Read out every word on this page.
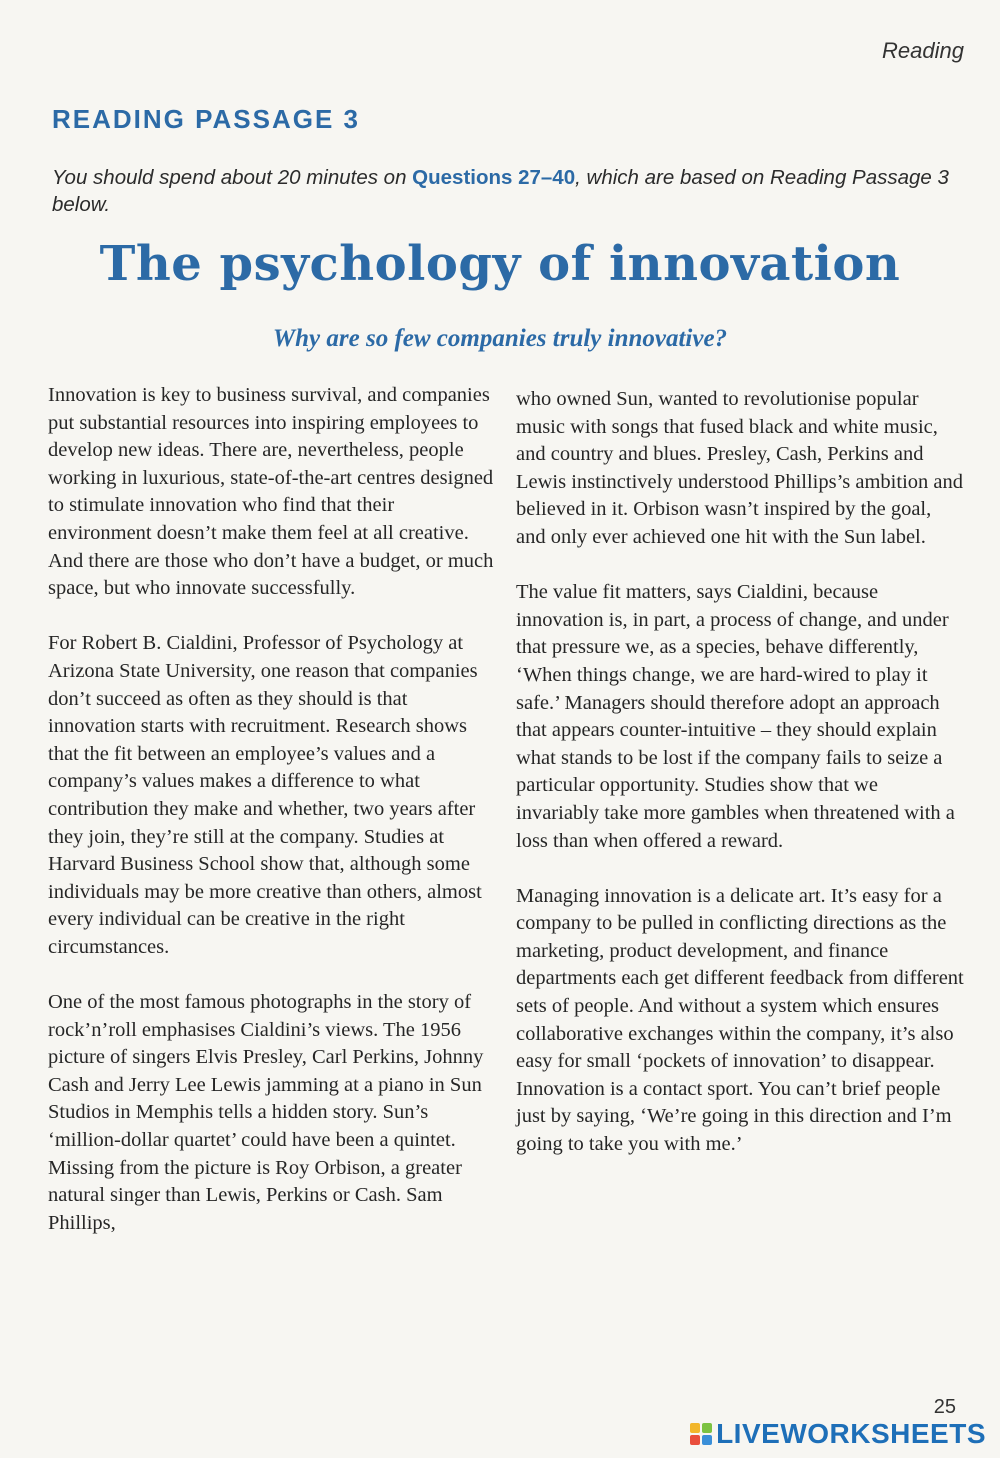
Reading
READING PASSAGE 3
You should spend about 20 minutes on Questions 27–40, which are based on Reading Passage 3 below.
The psychology of innovation
Why are so few companies truly innovative?

Innovation is key to business survival, and companies put substantial resources into inspiring employees to develop new ideas. There are, nevertheless, people working in luxurious, state-of-the-art centres designed to stimulate innovation who find that their environment doesn’t make them feel at all creative. And there are those who don’t have a budget, or much space, but who innovate successfully.

For Robert B. Cialdini, Professor of Psychology at Arizona State University, one reason that companies don’t succeed as often as they should is that innovation starts with recruitment. Research shows that the fit between an employee’s values and a company’s values makes a difference to what contribution they make and whether, two years after they join, they’re still at the company. Studies at Harvard Business School show that, although some individuals may be more creative than others, almost every individual can be creative in the right circumstances.

One of the most famous photographs in the story of rock’n’roll emphasises Cialdini’s views. The 1956 picture of singers Elvis Presley, Carl Perkins, Johnny Cash and Jerry Lee Lewis jamming at a piano in Sun Studios in Memphis tells a hidden story. Sun’s ‘million-dollar quartet’ could have been a quintet. Missing from the picture is Roy Orbison, a greater natural singer than Lewis, Perkins or Cash. Sam Phillips,

who owned Sun, wanted to revolutionise popular music with songs that fused black and white music, and country and blues. Presley, Cash, Perkins and Lewis instinctively understood Phillips’s ambition and believed in it. Orbison wasn’t inspired by the goal, and only ever achieved one hit with the Sun label.

The value fit matters, says Cialdini, because innovation is, in part, a process of change, and under that pressure we, as a species, behave differently, ‘When things change, we are hard-wired to play it safe.’ Managers should therefore adopt an approach that appears counter-intuitive – they should explain what stands to be lost if the company fails to seize a particular opportunity. Studies show that we invariably take more gambles when threatened with a loss than when offered a reward.

Managing innovation is a delicate art. It’s easy for a company to be pulled in conflicting directions as the marketing, product development, and finance departments each get different feedback from different sets of people. And without a system which ensures collaborative exchanges within the company, it’s also easy for small ‘pockets of innovation’ to disappear. Innovation is a contact sport. You can’t brief people just by saying, ‘We’re going in this direction and I’m going to take you with me.’

25
LIVEWORKSHEETS
